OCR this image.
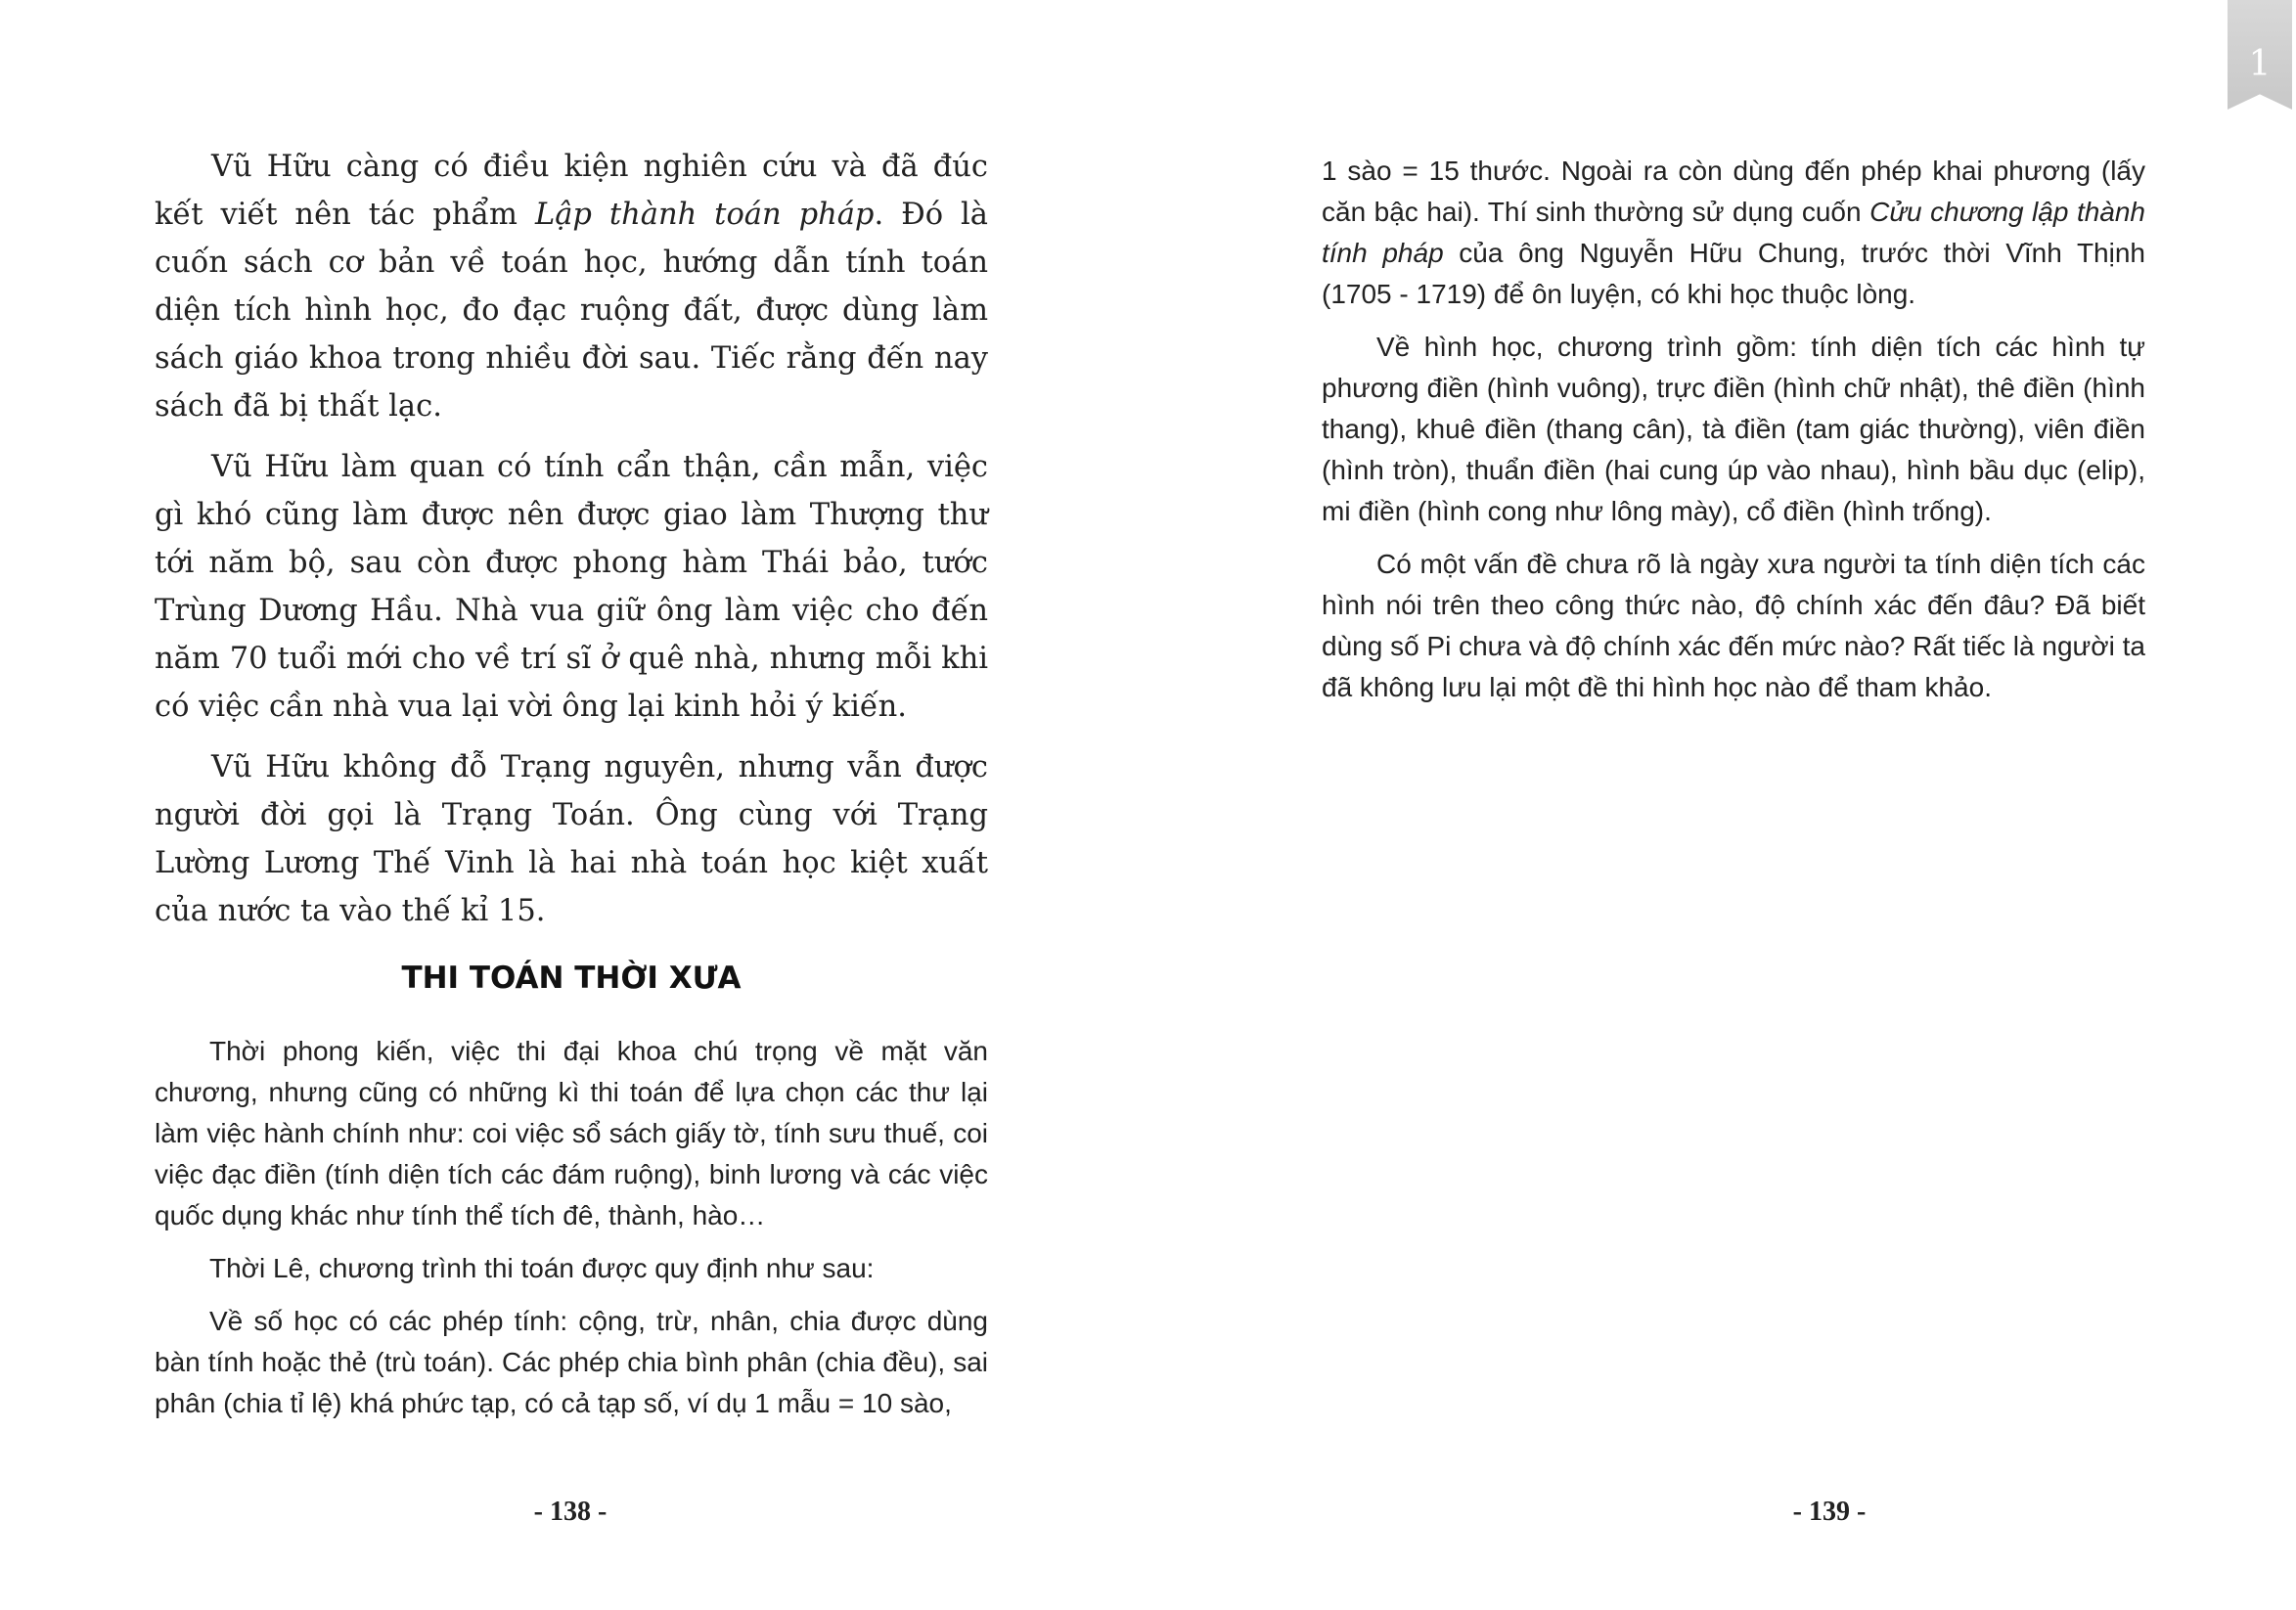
Vũ Hữu càng có điều kiện nghiên cứu và đã đúc kết viết nên tác phẩm Lập thành toán pháp. Đó là cuốn sách cơ bản về toán học, hướng dẫn tính toán diện tích hình học, đo đạc ruộng đất, được dùng làm sách giáo khoa trong nhiều đời sau. Tiếc rằng đến nay sách đã bị thất lạc.

Vũ Hữu làm quan có tính cẩn thận, cần mẫn, việc gì khó cũng làm được nên được giao làm Thượng thư tới năm bộ, sau còn được phong hàm Thái bảo, tước Trùng Dương Hầu. Nhà vua giữ ông làm việc cho đến năm 70 tuổi mới cho về trí sĩ ở quê nhà, nhưng mỗi khi có việc cần nhà vua lại vời ông lại kinh hỏi ý kiến.

Vũ Hữu không đỗ Trạng nguyên, nhưng vẫn được người đời gọi là Trạng Toán. Ông cùng với Trạng Lường Lương Thế Vinh là hai nhà toán học kiệt xuất của nước ta vào thế kỉ 15.

THI TOÁN THỜI XƯA

Thời phong kiến, việc thi đại khoa chú trọng về mặt văn chương, nhưng cũng có những kì thi toán để lựa chọn các thư lại làm việc hành chính như: coi việc sổ sách giấy tờ, tính sưu thuế, coi việc đạc điền (tính diện tích các đám ruộng), binh lương và các việc quốc dụng khác như tính thể tích đê, thành, hào…

Thời Lê, chương trình thi toán được quy định như sau:

Về số học có các phép tính: cộng, trừ, nhân, chia được dùng bàn tính hoặc thẻ (trù toán). Các phép chia bình phân (chia đều), sai phân (chia tỉ lệ) khá phức tạp, có cả tạp số, ví dụ 1 mẫu = 10 sào,

- 138 -

1 sào = 15 thước. Ngoài ra còn dùng đến phép khai phương (lấy căn bậc hai). Thí sinh thường sử dụng cuốn Cửu chương lập thành tính pháp của ông Nguyễn Hữu Chung, trước thời Vĩnh Thịnh (1705 - 1719) để ôn luyện, có khi học thuộc lòng.

Về hình học, chương trình gồm: tính diện tích các hình tự phương điền (hình vuông), trực điền (hình chữ nhật), thê điền (hình thang), khuê điền (thang cân), tà điền (tam giác thường), viên điền (hình tròn), thuẩn điền (hai cung úp vào nhau), hình bầu dục (elip), mi điền (hình cong như lông mày), cổ điền (hình trống).

Có một vấn đề chưa rõ là ngày xưa người ta tính diện tích các hình nói trên theo công thức nào, độ chính xác đến đâu? Đã biết dùng số Pi chưa và độ chính xác đến mức nào? Rất tiếc là người ta đã không lưu lại một đề thi hình học nào để tham khảo.

- 139 -
1
